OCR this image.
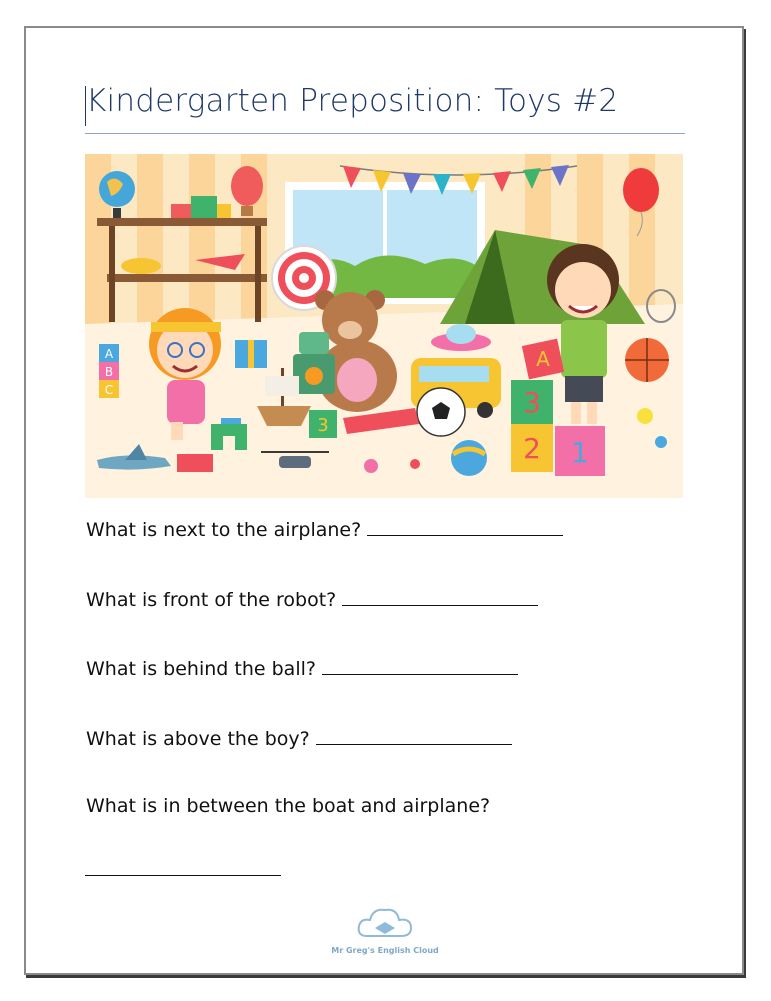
Kindergarten Preposition: Toys #2
A
B
C
3
A
3
2 1

What is next to the airplane?

What is front of the robot?

What is behind the ball?

What is above the boy?

What is in between the boat and airplane?

Mr Greg's English Cloud
